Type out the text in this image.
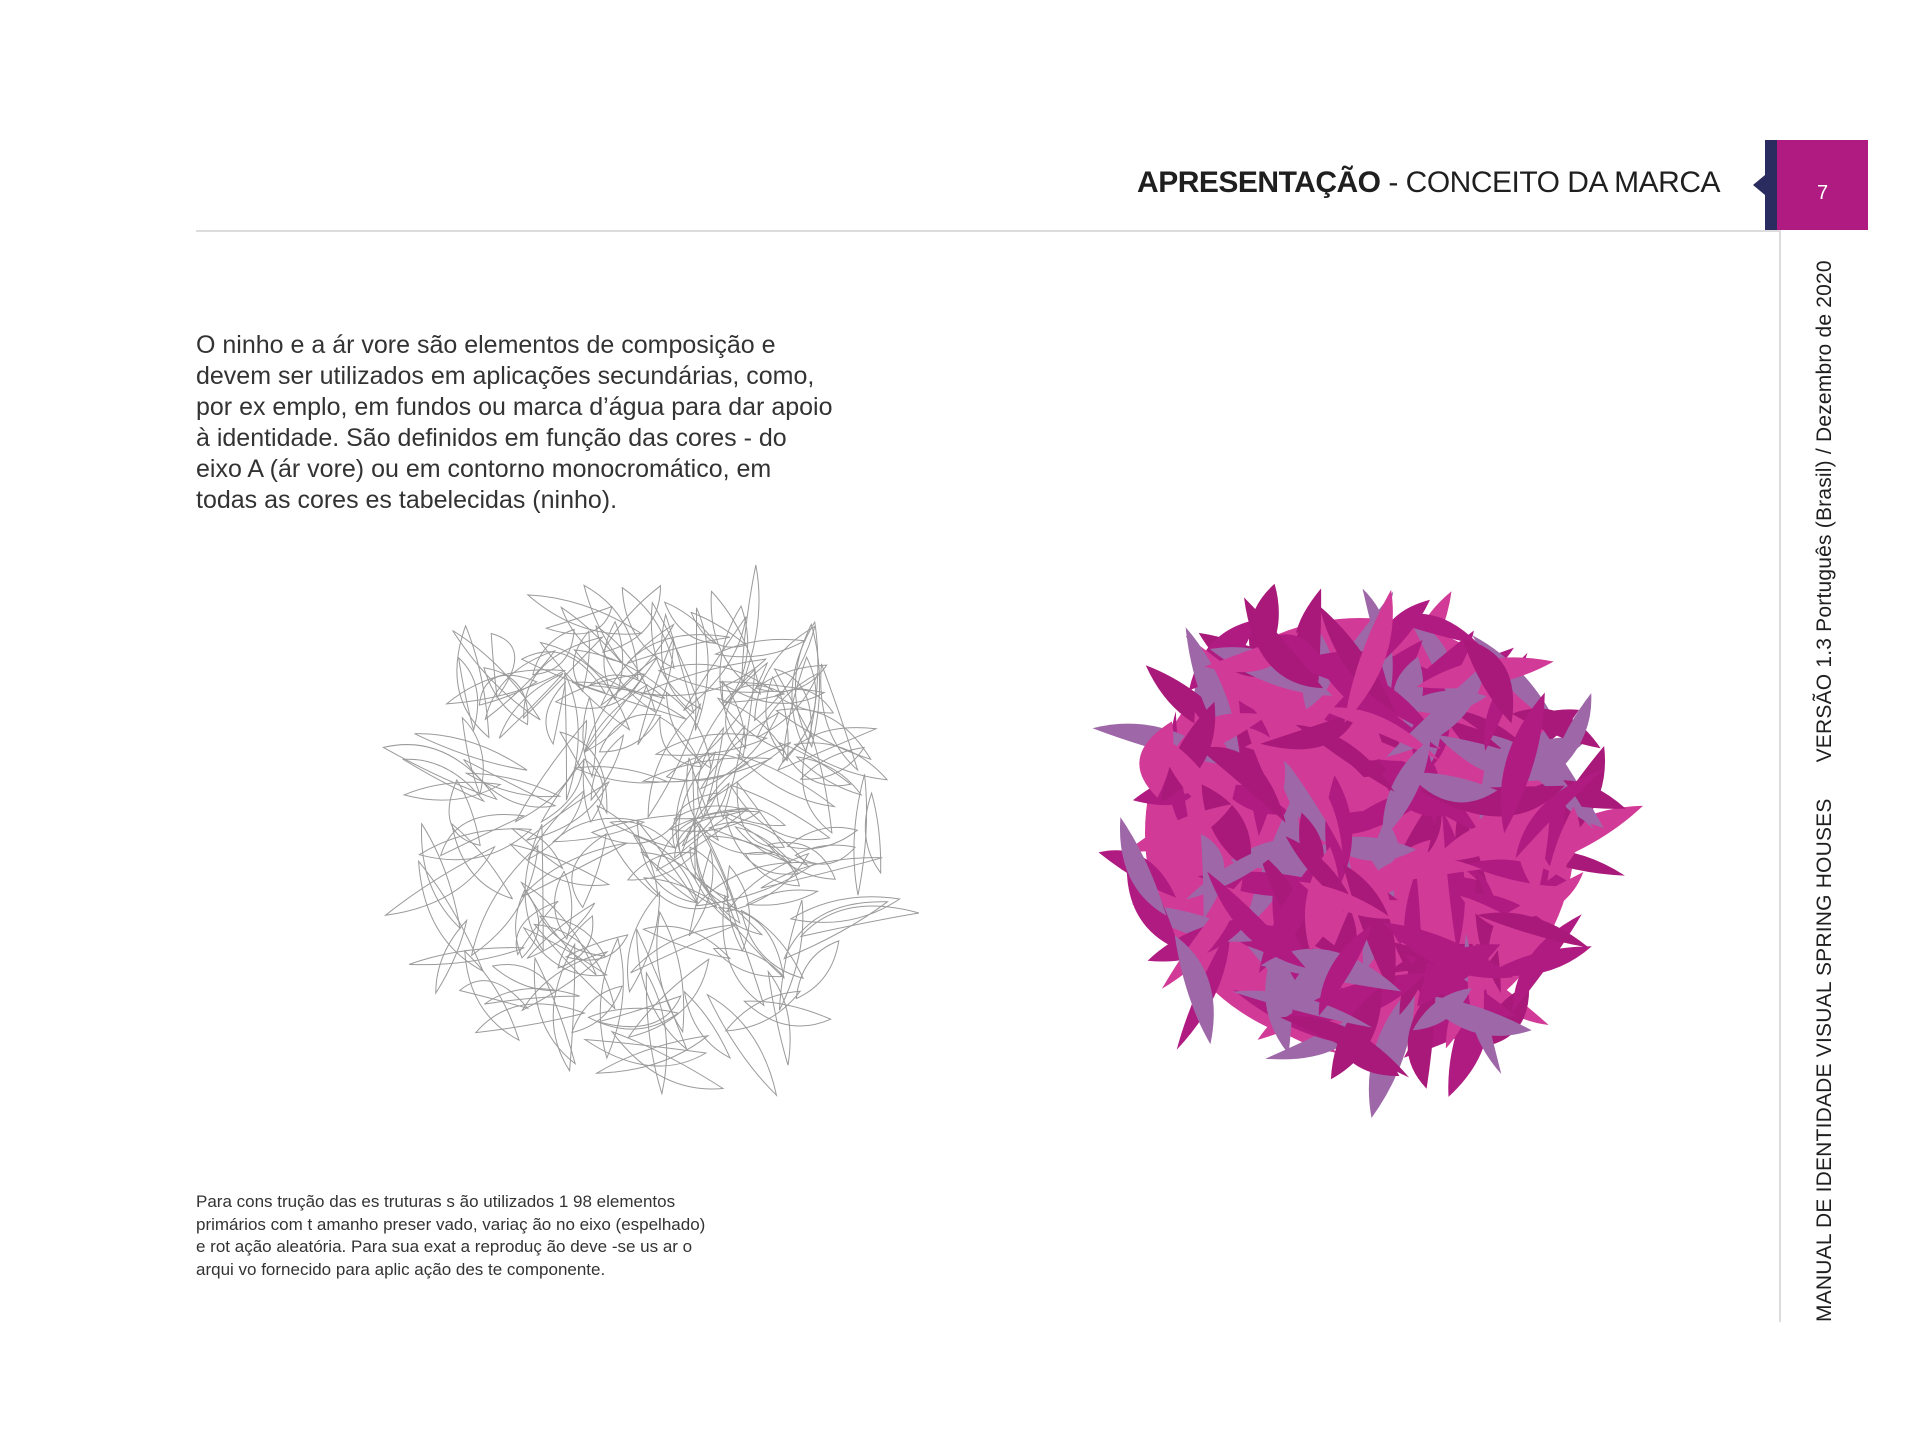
APRESENTAÇÃO - CONCEITO DA MARCA	7
MANUAL DE IDENTIDADE VISUAL SPRING HOUSESVERSÃO 1.3 Português (Brasil) / Dezembro de 2020
O ninho e a ár vore são elementos de composição e
devem ser utilizados em aplicações secundárias, como,
por ex emplo, em fundos ou marca d’água para dar apoio
à identidade. São definidos em função das cores - do
eixo A (ár vore) ou em contorno monocromático, em
todas as cores es tabelecidas (ninho).
Para cons trução das es truturas s ão utilizados 1 98 elementos
primários com t amanho preser vado, variaç ão no eixo (espelhado)
e rot ação aleatória. Para sua exat a reproduç ão deve -se us ar o
arqui vo fornecido para aplic ação des te componente.
